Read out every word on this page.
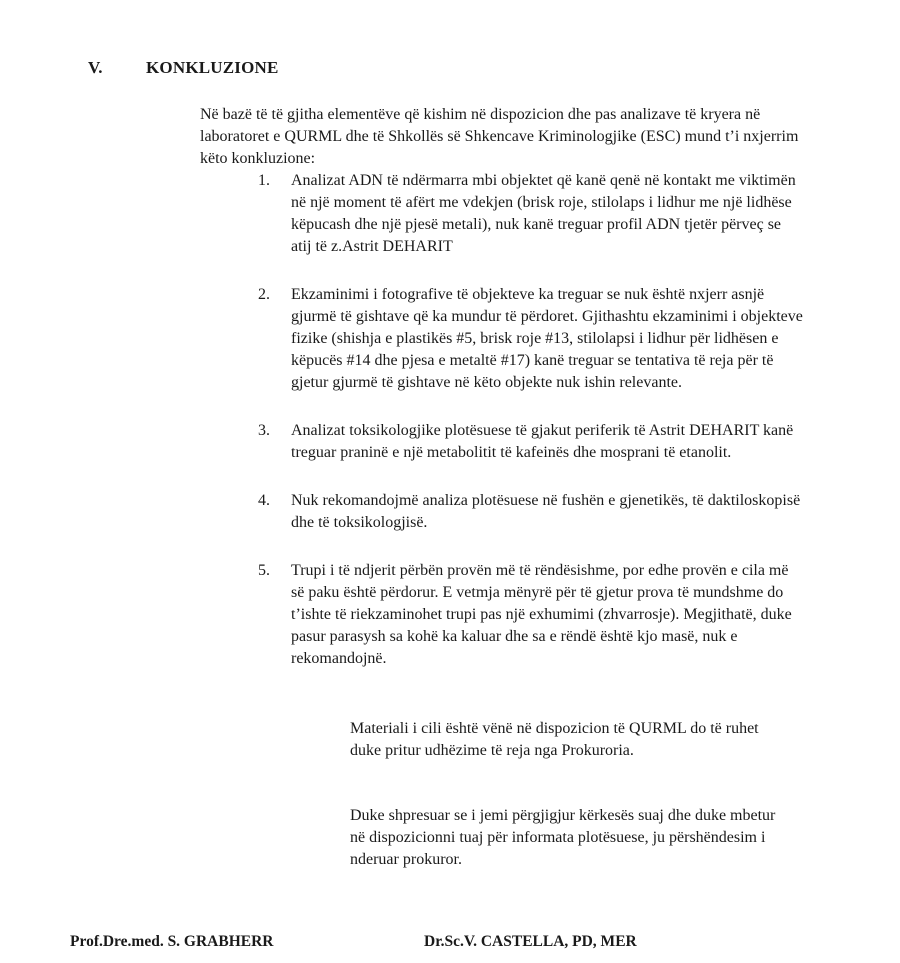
V.	KONKLUZIONE
Në bazë të të gjitha elementëve që kishim në dispozicion dhe pas analizave të kryera në laboratoret e QURML dhe të Shkollës së Shkencave Kriminologjike (ESC) mund t’i nxjerrim këto konkluzione:
1. Analizat ADN të ndërmarra mbi objektet që kanë qenë në kontakt me viktimën në një moment të afërt me vdekjen (brisk roje, stilolaps i lidhur me një lidhëse këpucash dhe një pjesë metali), nuk kanë treguar profil ADN tjetër përveç se atij të z.Astrit DEHARIT
2. Ekzaminimi i fotografive të objekteve ka treguar se nuk është nxjerr asnjë gjurmë të gishtave që ka mundur të përdoret. Gjithashtu ekzaminimi i objekteve fizike (shishja e plastikës #5, brisk roje #13, stilolapsi i lidhur për lidhësen e këpucës #14 dhe pjesa e metaltë #17) kanë treguar se tentativa të reja për të gjetur gjurmë të gishtave në këto objekte nuk ishin relevante.
3. Analizat toksikologjike plotësuese të gjakut periferik të Astrit DEHARIT kanë treguar praninë e një metabolitit të kafeinës dhe mosprani të etanolit.
4. Nuk rekomandojmë analiza plotësuese në fushën e gjenetikës, të daktiloskopisë dhe të toksikologjisë.
5. Trupi i të ndjerit përbën provën më të rëndësishme, por edhe provën e cila më së paku është përdorur. E vetmja mënyrë për të gjetur prova të mundshme do t’ishte të riekzaminohet trupi pas një exhumimi (zhvarrosje). Megjithatë, duke pasur parasysh sa kohë ka kaluar dhe sa e rëndë është kjo masë, nuk e rekomandojnë.
Materiali i cili është vënë në dispozicion të QURML do të ruhet duke pritur udhëzime të reja nga Prokuroria.
Duke shpresuar se i jemi përgjigjur kërkesës suaj dhe duke mbetur në dispozicionni tuaj për informata plotësuese, ju përshëndesim i nderuar prokuror.
Prof.Dre.med. S. GRABHERR	Dr.Sc.V. CASTELLA, PD, MER
